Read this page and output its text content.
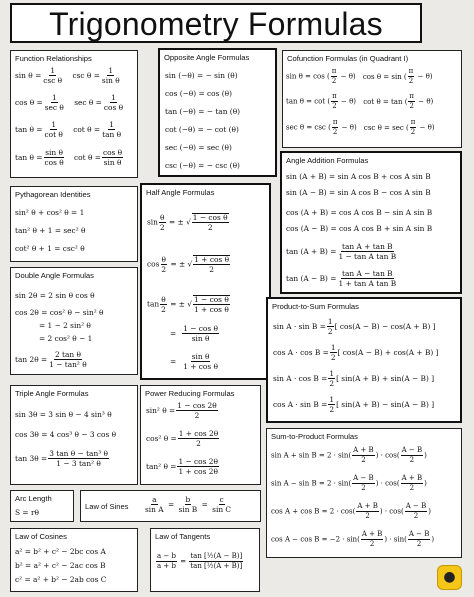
Trigonometry Formulas
Function Relationships
sin θ =
1
csc θ
$\csc \theta = \frac{1}{\text{sin θ}}$
cos θ =
1
sec θ
$\sec \theta = \frac{1}{\text{cos θ}}$
$\tan \theta = \frac{1}{\text{cot θ}}$ $\cot \theta = \frac{1}{\text{tan θ}}$
$\tan \theta = \frac{\text{sin θ}}{\text{cos θ}}$ $\cot \theta = \frac{\text{cos θ}}{\text{sin θ}}$
Opposite Angle Formulas
sin (−θ) = − sin (θ)
cos (−θ) = cos (θ)
tan (−θ) = − tan (θ)
cot (−θ) = − cot (θ)
sec (−θ) = sec (θ)
csc (−θ) = − csc (θ)
Cofunction Formulas (in Quadrant I)
sin θ = cos ( $\frac{\pi}{2} - \theta$) cos θ = sin ( $\frac{\pi}{2} - \theta$)
tan θ = cot ( $\frac{\pi}{2} - \theta$) cot θ = tan ( $\frac{\pi}{2} - \theta$)
sec θ = csc ( $\frac{\pi}{2} - \theta$) csc θ = sec ( $\frac{\pi}{2} - \theta$)
Pythagorean Identities
sin² θ + cos² θ = 1
tan² θ + 1 = sec² θ
cot² θ + 1 = csc² θ
Half Angle Formulas
$\sin \frac{\theta}{2}$ = ± √ $\frac{\text{1 − cos θ}}{2}$
$\cos \frac{\theta}{2}$ = ± √ $\frac{\text{1 + cos θ}}{2}$
$\tan \frac{\theta}{2}$ = ± √ $\frac{\text{1 − cos θ}}{\text{1 + cos θ}}$
= $\frac{\text{1 − cos θ}}{\text{sin θ}}$
= $\frac{\text{sin θ}}{\text{1 + cos θ}}$
Angle Addition Formulas
sin (A + B) = sin A cos B + cos A sin B
sin (A − B) = sin A cos B − cos A sin B
cos (A + B) = cos A cos B − sin A sin B
cos (A − B) = cos A cos B + sin A sin B
$\tan (A + B) = \frac{\text{tan A + tan B}}{\text{1 − tan A tan B}}$
$\tan (A - B) = \frac{\text{tan A − tan B}}{\text{1 + tan A tan B}}$
Double Angle Formulas
sin 2θ = 2 sin θ cos θ
cos 2θ = cos² θ − sin² θ
= 1 − 2 sin² θ
= 2 cos² θ − 1
$\tan 2\theta = \frac{\text{2 tan θ}}{\text{1 − tan² θ}}$
Product-to-Sum Formulas
$\sin A \cdot \sin B = \frac{1}{2}$ [ cos(A − B) − cos(A + B) ]
$\cos A \cdot \cos B = \frac{1}{2}$ [ cos(A − B) + cos(A + B) ]
$\sin A \cdot \cos B = \frac{1}{2}$ [ sin(A + B) + sin(A − B) ]
$\cos A \cdot \sin B = \frac{1}{2}$ [ sin(A + B) − sin(A − B) ]
Triple Angle Formulas
sin 3θ = 3 sin θ − 4 sin³ θ
cos 3θ = 4 cos³ θ − 3 cos θ
$\tan 3\theta = \frac{\text{3 tan θ − tan³ θ}}{\text{1 − 3 tan² θ}}$
Power Reducing Formulas
sin² $\theta = \frac{1 - \cos 2\theta}{2}$
cos² $\theta = \frac{1 + \cos 2\theta}{2}$
tan² $\theta = \frac{1 - \cos 2\theta}{1 + \cos 2\theta}$
Sum-to-Product Formulas
$\sin A + \sin B = 2 \cdot \sin( \frac{A + B}{2}$ ) · $\cos( \frac{A - B}{2}$ )
$\sin A - \sin B = 2 \cdot \sin( \frac{A - B}{2}$ ) · $\cos( \frac{A + B}{2}$ )
$\cos A + \cos B = 2 \cdot \cos( \frac{A + B}{2}$ ) · $\cos( \frac{A - B}{2}$ )
$\cos A - \cos B = -2 \cdot \sin( \frac{A + B}{2}$ ) · $\sin( \frac{A - B}{2}$ )
Arc Length
S = rθ
Law of Sines $\frac{a}{\text{sin A}} = \frac{b}{\text{sin B}} = \frac{c}{\text{sin C}}$
Law of Cosines
a² = b² + c² − 2bc cos A
b² = a² + c² − 2ac cos B
c² = a² + b² − 2ab cos C
Law of Tangents
$\frac{a - b}{a + b} = \frac{\text{tan [½(A − B)]}}{\text{tan [½(A + B)]}}$
●
